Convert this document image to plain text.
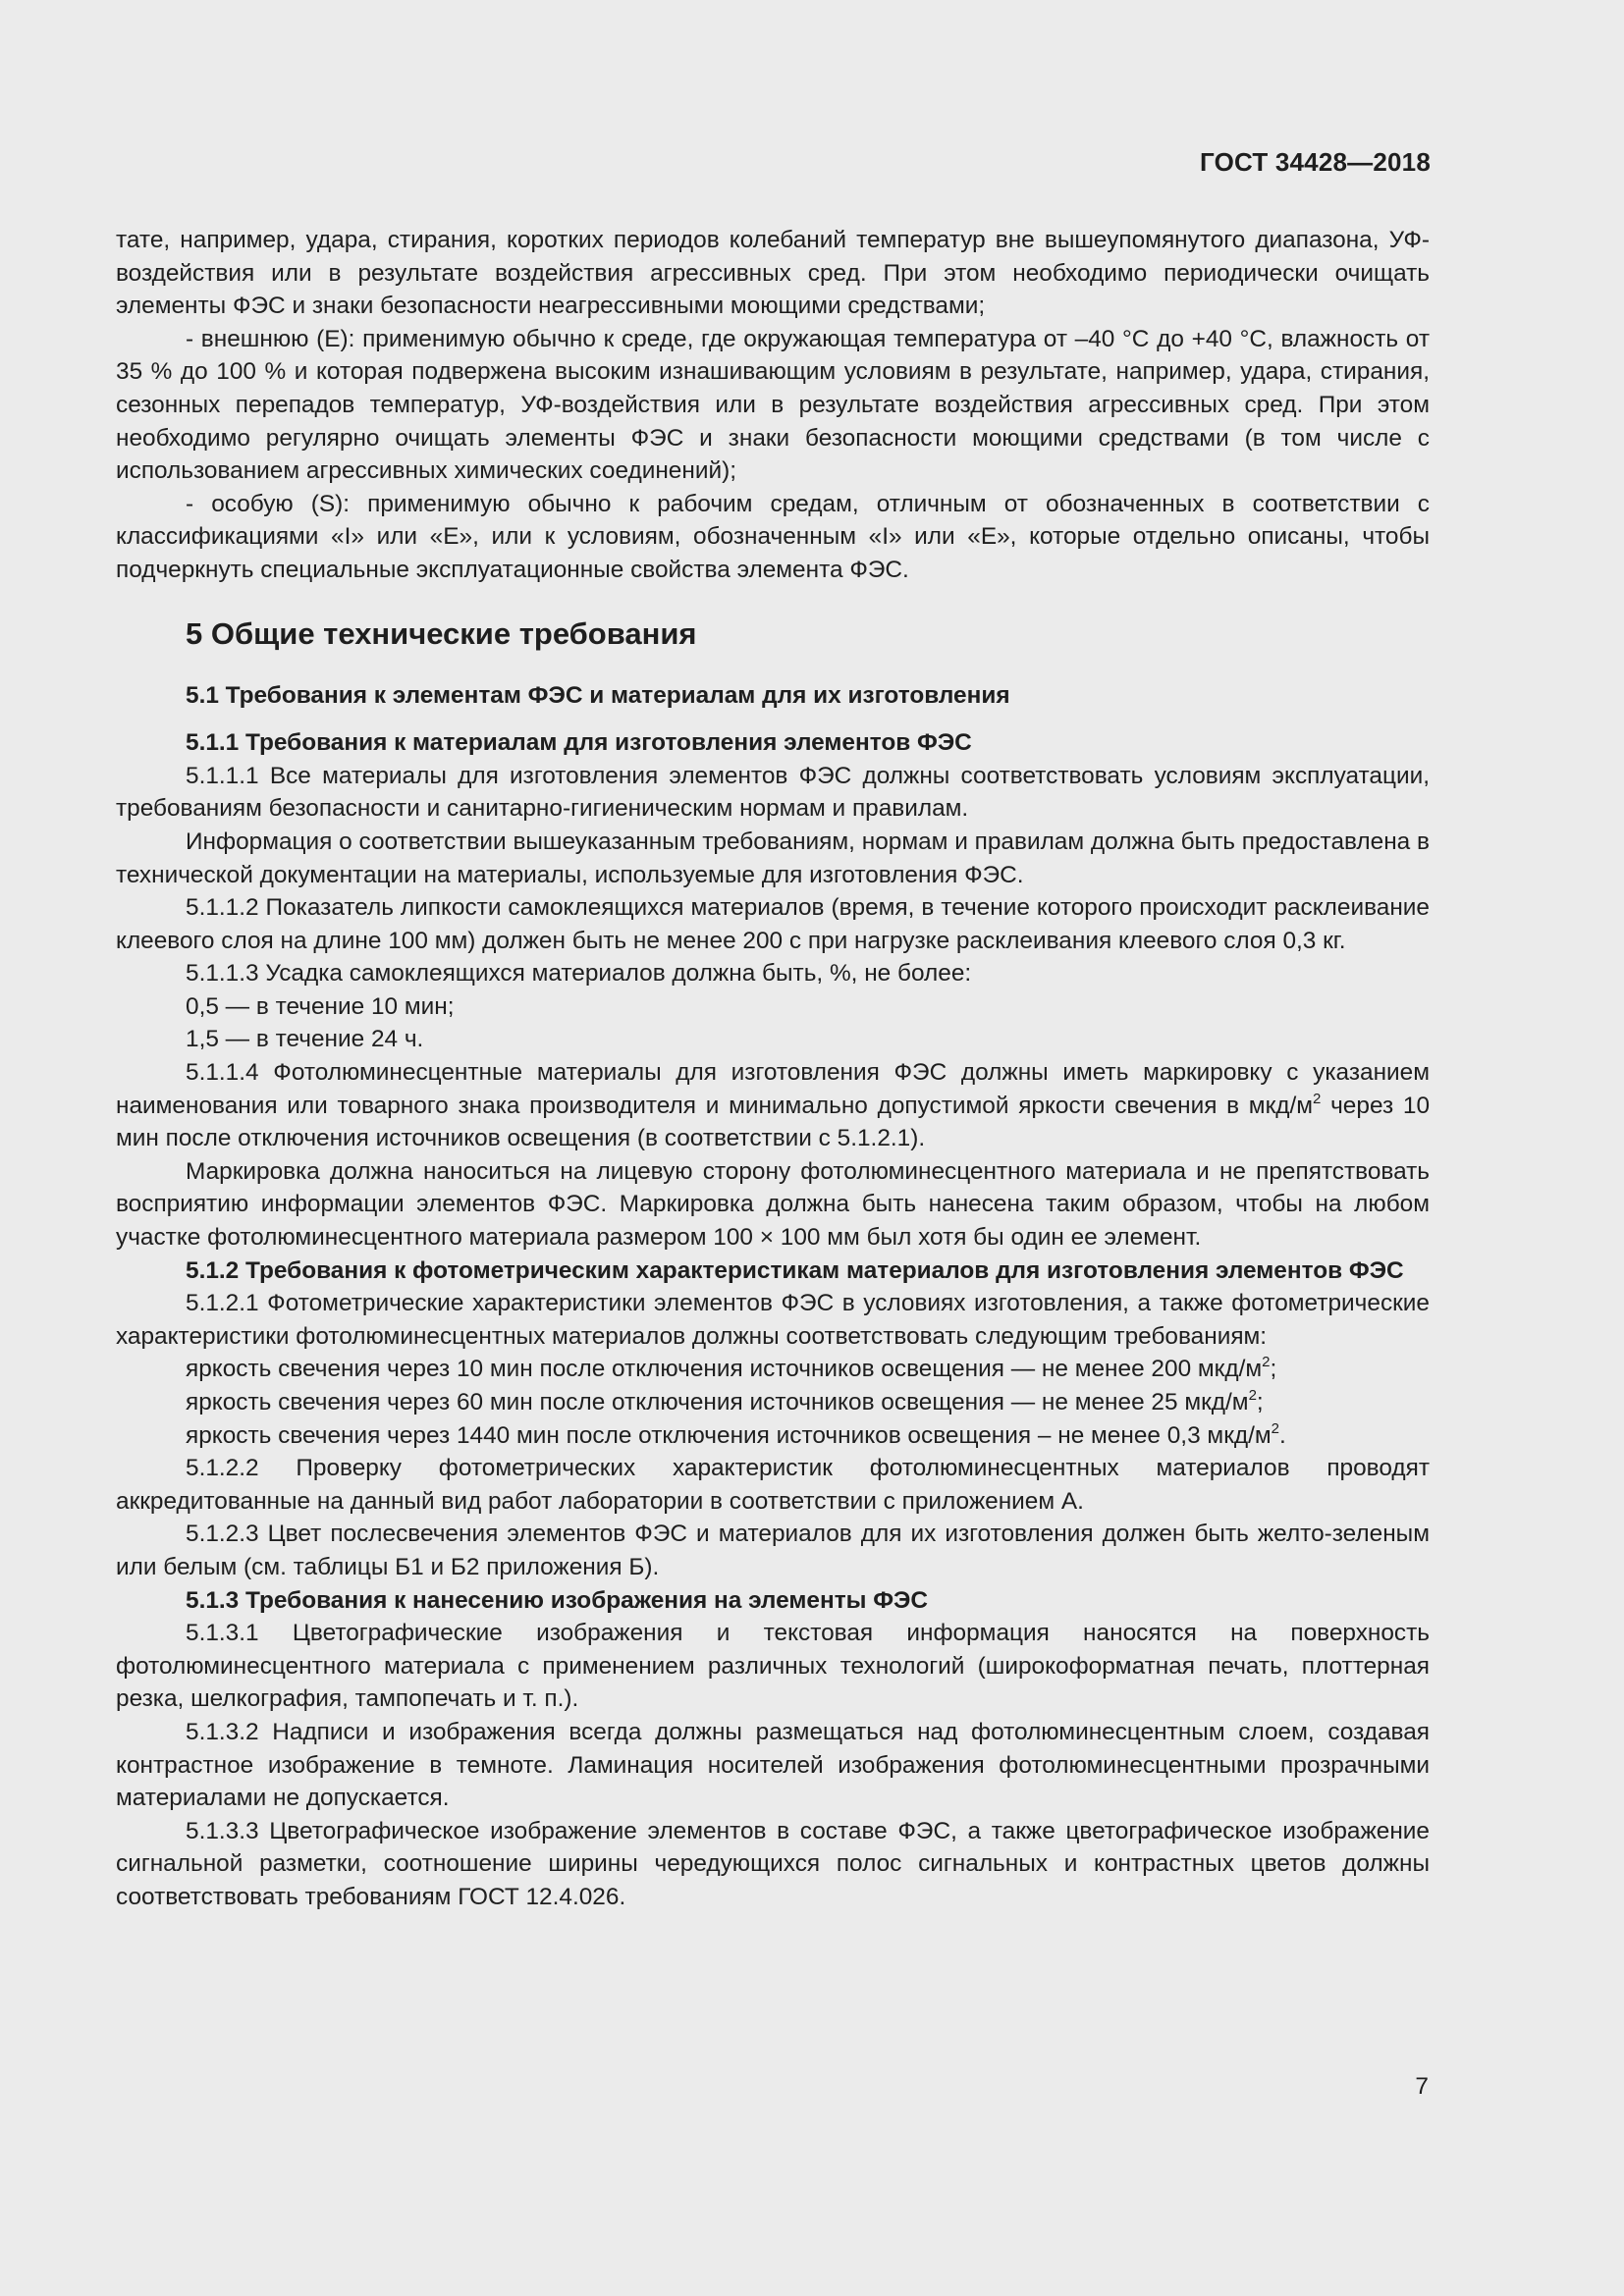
ГОСТ 34428—2018

тате, например, удара, стирания, коротких периодов колебаний температур вне вышеупомянутого диапазона, УФ-воздействия или в результате воздействия агрессивных сред. При этом необходимо периодически очищать элементы ФЭС и знаки безопасности неагрессивными моющими средствами;

- внешнюю (E): применимую обычно к среде, где окружающая температура от –40 °С до +40 °С, влажность от 35 % до 100 % и которая подвержена высоким изнашивающим условиям в результате, например, удара, стирания, сезонных перепадов температур, УФ-воздействия или в результате воздействия агрессивных сред. При этом необходимо регулярно очищать элементы ФЭС и знаки безопасности моющими средствами (в том числе с использованием агрессивных химических соединений);

- особую (S): применимую обычно к рабочим средам, отличным от обозначенных в соответствии с классификациями «I» или «E», или к условиям, обозначенным «I» или «E», которые отдельно описаны, чтобы подчеркнуть специальные эксплуатационные свойства элемента ФЭС.

5 Общие технические требования

5.1 Требования к элементам ФЭС и материалам для их изготовления

5.1.1 Требования к материалам для изготовления элементов ФЭС

5.1.1.1 Все материалы для изготовления элементов ФЭС должны соответствовать условиям эксплуатации, требованиям безопасности и санитарно-гигиеническим нормам и правилам.

Информация о соответствии вышеуказанным требованиям, нормам и правилам должна быть предоставлена в технической документации на материалы, используемые для изготовления ФЭС.

5.1.1.2 Показатель липкости самоклеящихся материалов (время, в течение которого происходит расклеивание клеевого слоя на длине 100 мм) должен быть не менее 200 с при нагрузке расклеивания клеевого слоя 0,3 кг.

5.1.1.3 Усадка самоклеящихся материалов должна быть, %, не более:

0,5 — в течение 10 мин;

1,5 — в течение 24 ч.

5.1.1.4 Фотолюминесцентные материалы для изготовления ФЭС должны иметь маркировку с указанием наименования или товарного знака производителя и минимально допустимой яркости свечения в мкд/$м^2$ через 10 мин после отключения источников освещения (в соответствии с 5.1.2.1).

Маркировка должна наноситься на лицевую сторону фотолюминесцентного материала и не препятствовать восприятию информации элементов ФЭС. Маркировка должна быть нанесена таким образом, чтобы на любом участке фотолюминесцентного материала размером 100 × 100 мм был хотя бы один ее элемент.

5.1.2 Требования к фотометрическим характеристикам материалов для изготовления элементов ФЭС

5.1.2.1 Фотометрические характеристики элементов ФЭС в условиях изготовления, а также фотометрические характеристики фотолюминесцентных материалов должны соответствовать следующим требованиям:

яркость свечения через 10 мин после отключения источников освещения — не менее 200 мкд/$м^2$;

яркость свечения через 60 мин после отключения источников освещения — не менее 25 мкд/$м^2$;

яркость свечения через 1440 мин после отключения источников освещения – не менее 0,3 мкд/$м^2$.

5.1.2.2 Проверку фотометрических характеристик фотолюминесцентных материалов проводят аккредитованные на данный вид работ лаборатории в соответствии с приложением А.

5.1.2.3 Цвет послесвечения элементов ФЭС и материалов для их изготовления должен быть желто-зеленым или белым (см. таблицы Б1 и Б2 приложения Б).

5.1.3 Требования к нанесению изображения на элементы ФЭС

5.1.3.1 Цветографические изображения и текстовая информация наносятся на поверхность фотолюминесцентного материала с применением различных технологий (широкоформатная печать, плоттерная резка, шелкография, тампопечать и т. п.).

5.1.3.2 Надписи и изображения всегда должны размещаться над фотолюминесцентным слоем, создавая контрастное изображение в темноте. Ламинация носителей изображения фотолюминесцентными прозрачными материалами не допускается.

5.1.3.3 Цветографическое изображение элементов в составе ФЭС, а также цветографическое изображение сигнальной разметки, соотношение ширины чередующихся полос сигнальных и контрастных цветов должны соответствовать требованиям ГОСТ 12.4.026.

7
